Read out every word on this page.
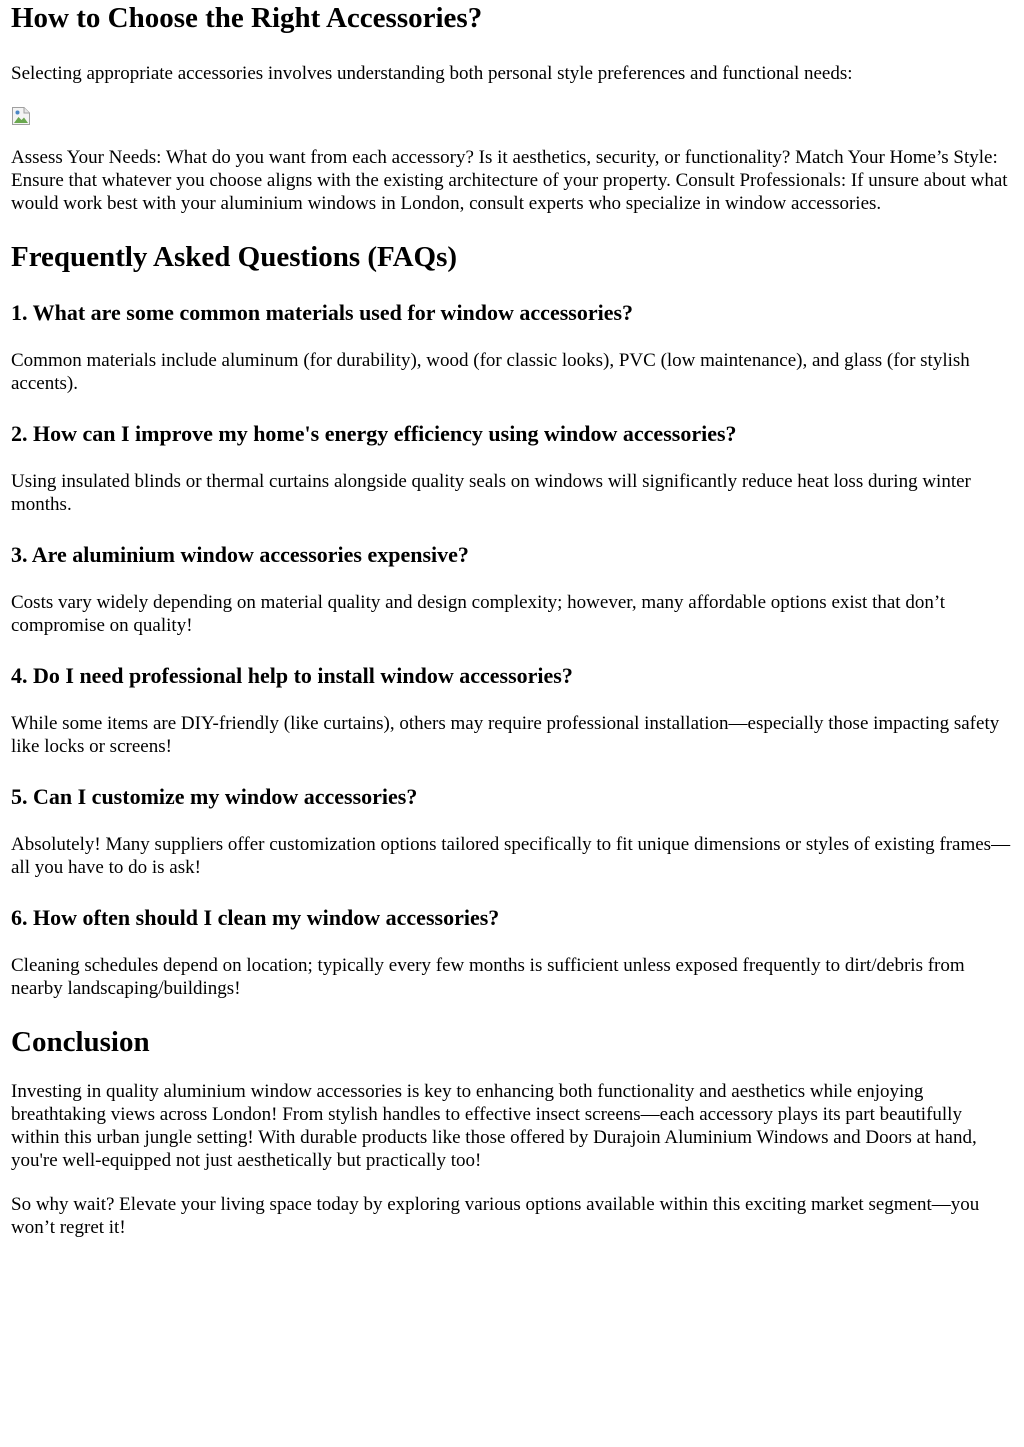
How to Choose the Right Accessories?

Selecting appropriate accessories involves understanding both personal style preferences and functional needs:

Assess Your Needs: What do you want from each accessory? Is it aesthetics, security, or functionality? Match Your Home’s Style: Ensure that whatever you choose aligns with the existing architecture of your property. Consult Professionals: If unsure about what would work best with your aluminium windows in London, consult experts who specialize in window accessories.

Frequently Asked Questions (FAQs)
1. What are some common materials used for window accessories?

Common materials include aluminum (for durability), wood (for classic looks), PVC (low maintenance), and glass (for stylish accents).

2. How can I improve my home's energy efficiency using window accessories?

Using insulated blinds or thermal curtains alongside quality seals on windows will significantly reduce heat loss during winter months.

3. Are aluminium window accessories expensive?

Costs vary widely depending on material quality and design complexity; however, many affordable options exist that don’t compromise on quality!

4. Do I need professional help to install window accessories?

While some items are DIY-friendly (like curtains), others may require professional installation—especially those impacting safety like locks or screens!

5. Can I customize my window accessories?

Absolutely! Many suppliers offer customization options tailored specifically to fit unique dimensions or styles of existing frames—all you have to do is ask!

6. How often should I clean my window accessories?

Cleaning schedules depend on location; typically every few months is sufficient unless exposed frequently to dirt/debris from nearby landscaping/buildings!

Conclusion

Investing in quality aluminium window accessories is key to enhancing both functionality and aesthetics while enjoying breathtaking views across London! From stylish handles to effective insect screens—each accessory plays its part beautifully within this urban jungle setting! With durable products like those offered by Durajoin Aluminium Windows and Doors at hand, you're well-equipped not just aesthetically but practically too!

So why wait? Elevate your living space today by exploring various options available within this exciting market segment—you won’t regret it!
